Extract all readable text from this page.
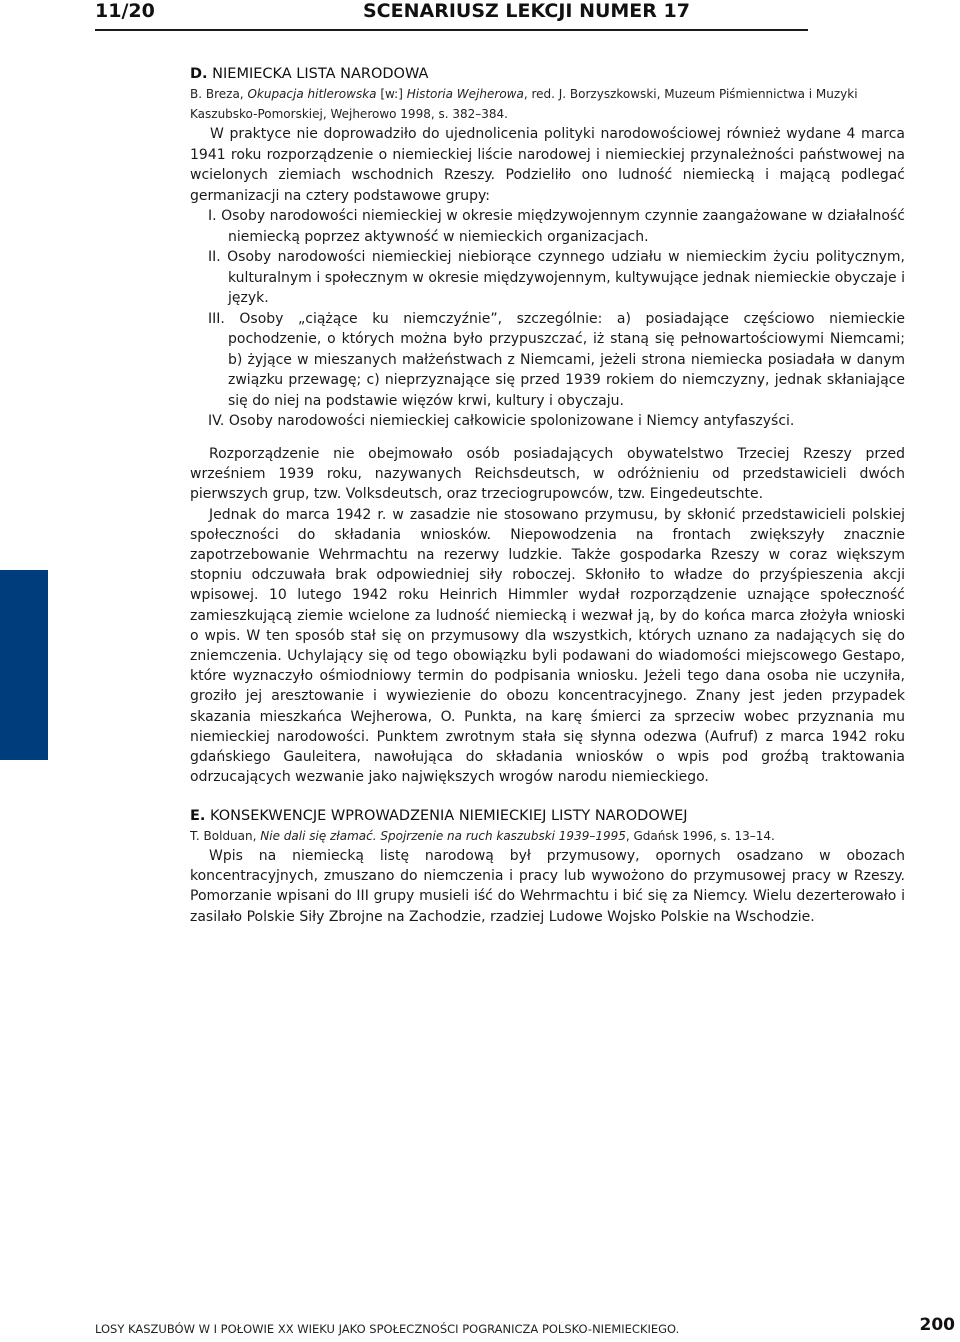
11/20	SCENARIUSZ LEKCJI NUMER 17

D. NIEMIECKA LISTA NARODOWA

B. Breza, Okupacja hitlerowska [w:] Historia Wejherowa, red. J. Borzyszkowski, Muzeum Piśmiennictwa i Muzyki Kaszubsko-Pomorskiej, Wejherowo 1998, s. 382–384.

W praktyce nie doprowadziło do ujednolicenia polityki narodowościowej również wydane 4 marca 1941 roku rozporządzenie o niemieckiej liście narodowej i niemieckiej przynależności państwowej na wcielonych ziemiach wschodnich Rzeszy. Podzieliło ono ludność niemiecką i mającą podlegać germanizacji na cztery podstawowe grupy:

I. Osoby narodowości niemieckiej w okresie międzywojennym czynnie zaangażowane w działalność niemiecką poprzez aktywność w niemieckich organizacjach.

II. Osoby narodowości niemieckiej niebiorące czynnego udziału w niemieckim życiu politycznym, kulturalnym i społecznym w okresie międzywojennym, kultywujące jednak niemieckie obyczaje i język.

III. Osoby „ciążące ku niemczyźnie”, szczególnie: a) posiadające częściowo niemieckie pochodzenie, o których można było przypuszczać, iż staną się pełnowartościowymi Niemcami; b) żyjące w mieszanych małżeństwach z Niemcami, jeżeli strona niemiecka posiadała w danym związku przewagę; c) nieprzyznające się przed 1939 rokiem do niemczyzny, jednak skłaniające się do niej na podstawie więzów krwi, kultury i obyczaju.

IV. Osoby narodowości niemieckiej całkowicie spolonizowane i Niemcy antyfaszyści.

Rozporządzenie nie obejmowało osób posiadających obywatelstwo Trzeciej Rzeszy przed wrześniem 1939 roku, nazywanych Reichsdeutsch, w odróżnieniu od przedstawicieli dwóch pierwszych grup, tzw. Volksdeutsch, oraz trzeciogrupowców, tzw. Eingedeutschte.

Jednak do marca 1942 r. w zasadzie nie stosowano przymusu, by skłonić przedstawicieli polskiej społeczności do składania wniosków. Niepowodzenia na frontach zwiększyły znacznie zapotrzebowanie Wehrmachtu na rezerwy ludzkie. Także gospodarka Rzeszy w coraz większym stopniu odczuwała brak odpowiedniej siły roboczej. Skłoniło to władze do przyśpieszenia akcji wpisowej. 10 lutego 1942 roku Heinrich Himmler wydał rozporządzenie uznające społeczność zamieszkującą ziemie wcielone za ludność niemiecką i wezwał ją, by do końca marca złożyła wnioski o wpis. W ten sposób stał się on przymusowy dla wszystkich, których uznano za nadających się do zniemczenia. Uchylający się od tego obowiązku byli podawani do wiadomości miejscowego Gestapo, które wyznaczyło ośmiodniowy termin do podpisania wniosku. Jeżeli tego dana osoba nie uczyniła, groziło jej aresztowanie i wywiezienie do obozu koncentracyjnego. Znany jest jeden przypadek skazania mieszkańca Wejherowa, O. Punkta, na karę śmierci za sprzeciw wobec przyznania mu niemieckiej narodowości. Punktem zwrotnym stała się słynna odezwa (Aufruf) z marca 1942 roku gdańskiego Gauleitera, nawołująca do składania wniosków o wpis pod groźbą traktowania odrzucających wezwanie jako największych wrogów narodu niemieckiego.

E. KONSEKWENCJE WPROWADZENIA NIEMIECKIEJ LISTY NARODOWEJ

T. Bolduan, Nie dali się złamać. Spojrzenie na ruch kaszubski 1939–1995, Gdańsk 1996, s. 13–14.

Wpis na niemiecką listę narodową był przymusowy, opornych osadzano w obozach koncentracyjnych, zmuszano do niemczenia i pracy lub wywożono do przymusowej pracy w Rzeszy. Pomorzanie wpisani do III grupy musieli iść do Wehrmachtu i bić się za Niemcy. Wielu dezerterowało i zasilało Polskie Siły Zbrojne na Zachodzie, rzadziej Ludowe Wojsko Polskie na Wschodzie.

LOSY KASZUBÓW W I POŁOWIE XX WIEKU JAKO SPOŁECZNOŚCI POGRANICZA POLSKO-NIEMIECKIEGO.	200
